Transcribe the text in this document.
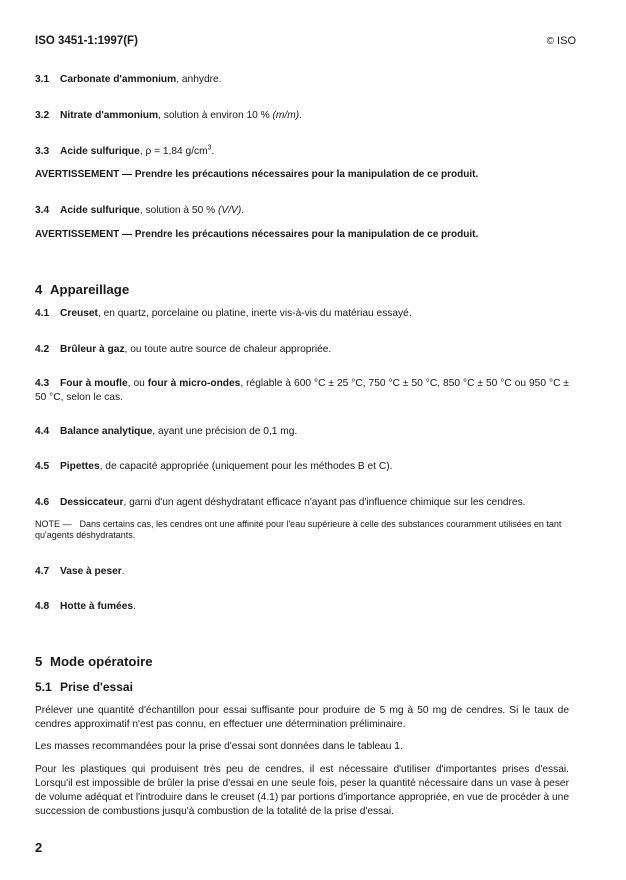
ISO 3451-1:1997(F)	© ISO
3.1 Carbonate d'ammonium, anhydre.
3.2 Nitrate d'ammonium, solution à environ 10 % (m/m).
3.3 Acide sulfurique, ρ = 1,84 $g/cm^3$.
AVERTISSEMENT — Prendre les précautions nécessaires pour la manipulation de ce produit.
3.4 Acide sulfurique, solution à 50 % (V/V).
AVERTISSEMENT — Prendre les précautions nécessaires pour la manipulation de ce produit.
4 Appareillage
4.1 Creuset, en quartz, porcelaine ou platine, inerte vis-à-vis du matériau essayé.
4.2 Brûleur à gaz, ou toute autre source de chaleur appropriée.
4.3 Four à moufle, ou four à micro-ondes, réglable à 600 °C ± 25 °C, 750 °C ± 50 °C, 850 °C ± 50 °C ou 950 °C ± 50 °C, selon le cas.
4.4 Balance analytique, ayant une précision de 0,1 mg.
4.5 Pipettes, de capacité appropriée (uniquement pour les méthodes B et C).
4.6 Dessiccateur, garni d'un agent déshydratant efficace n'ayant pas d'influence chimique sur les cendres.
NOTE — Dans certains cas, les cendres ont une affinité pour l'eau supérieure à celle des substances couramment utilisées en tant qu'agents déshydratants.
4.7 Vase à peser.
4.8 Hotte à fumées.
5 Mode opératoire
5.1 Prise d'essai
Prélever une quantité d'échantillon pour essai suffisante pour produire de 5 mg à 50 mg de cendres. Si le taux de cendres approximatif n'est pas connu, en effectuer une détermination préliminaire.
Les masses recommandées pour la prise d'essai sont données dans le tableau 1.
Pour les plastiques qui produisent très peu de cendres, il est nécessaire d'utiliser d'importantes prises d'essai. Lorsqu'il est impossible de brûler la prise d'essai en une seule fois, peser la quantité nécessaire dans un vase à peser de volume adéquat et l'introduire dans le creuset (4.1) par portions d'importance appropriée, en vue de procéder à une succession de combustions jusqu'à combustion de la totalité de la prise d'essai.
2
